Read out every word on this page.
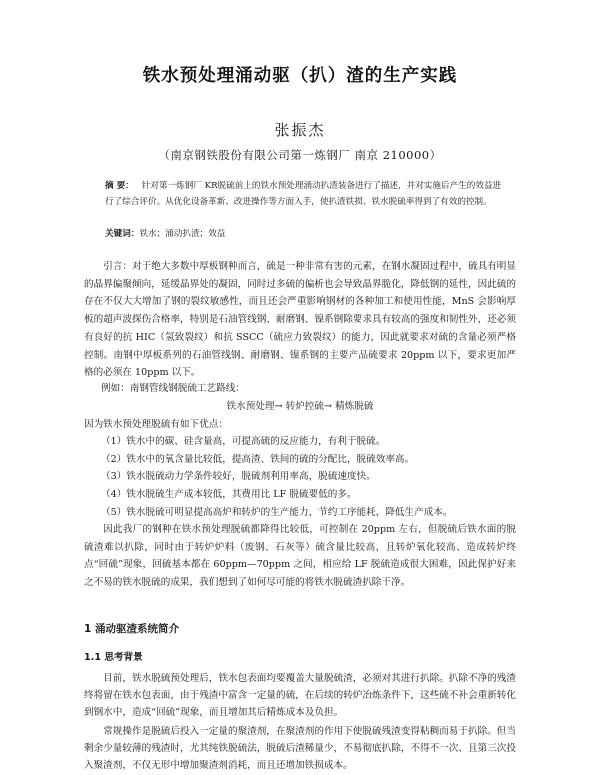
铁水预处理涌动驱（扒）渣的生产实践
张振杰
（南京钢铁股份有限公司第一炼钢厂 南京 210000）
摘 要： 针对第一炼钢厂 KR脱硫前上的铁水预处理涌动扒渣装备进行了描述，并对实施后产生的效益进行了综合评价。从优化设备革新、改进操作等方面入手，使扒渣铁损、铁水脱硫率得到了有效的控制。
关键词：铁水；涌动扒渣；效益

引言：对于绝大多数中厚板钢种而言，硫是一种非常有害的元素，在钢水凝固过程中，硫具有明显的晶界偏聚倾向，延缓晶界处的凝固，同时过多硫的偏析也会导致晶界脆化，降低钢的延性，因此硫的存在不仅大大增加了钢的裂纹敏感性，而且还会严重影响钢材的各种加工和使用性能，MnS 会影响厚板的超声波探伤合格率，特别是石油管线钢、耐磨钢、镍系钢除要求具有较高的强度和韧性外，还必须有良好的抗 HIC（氢致裂纹）和抗 SSCC（硫应力致裂纹）的能力，因此就要求对硫的含量必须严格控制。南钢中厚板系列的石油管线钢、耐磨钢、镍系钢的主要产品硫要求 20ppm 以下，要求更加严格的必须在 10ppm 以下。

例如：南钢管线钢脱硫工艺路线：

铁水预处理→ 转炉控硫→ 精炼脱硫

因为铁水预处理脱硫有如下优点：

（1）铁水中的碳、硅含量高，可提高硫的反应能力，有利于脱硫。
（2）铁水中的氧含量比较低，提高渣、铁间的硫的分配比，脱硫效率高。
（3）铁水脱硫动力学条件较好，脱硫剂利用率高，脱硫速度快。
（4）铁水脱硫生产成本较低，其费用比 LF 脱硫要低的多。
（5）铁水脱硫可明显提高高炉和转炉的生产能力，节约工序能耗，降低生产成本。

因此我厂的钢种在铁水预处理脱硫都降得比较低，可控制在 20ppm 左右，但脱硫后铁水面的脱硫渣难以扒除，同时由于转炉炉料（废钢、石灰等）硫含量比较高，且转炉氧化较高、造成转炉终点“回硫”现象，回硫基本都在 60ppm—70ppm 之间，相应给 LF 脱硫造成很大困难，因此保护好来之不易的铁水脱硫的成果，我们想到了如何尽可能的将铁水脱硫渣扒除干净。

1 涌动驱渣系统简介
1.1 思考背景

目前，铁水脱硫预处理后，铁水包表面均要覆盖大量脱硫渣，必须对其进行扒除。扒除不净的残渣终将留在铁水包表面，由于残渣中富含一定量的硫，在后续的转炉冶炼条件下，这些硫不补会重新转化到钢水中，造成“回硫”现象，而且增加其后精炼成本及负担。

常规操作是脱硫后投入一定量的聚渣剂，在聚渣剂的作用下使脱硫残渣变得粘稠而易于扒除。但当剩余少量较薄的残渣时，尤其纯铁脱硫法，脱硫后渣稀量少，不易彻底扒除，不得不一次、且第三次投入聚渣剂，不仅无形中增加聚渣剂消耗，而且还增加铁损成本。
